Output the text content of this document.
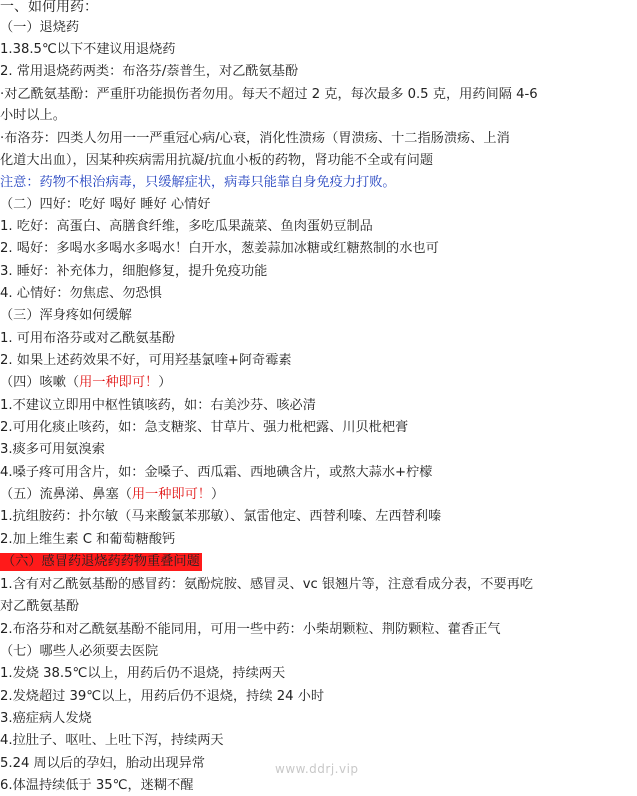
一、如何用药：
（一）退烧药
1.38.5℃以下不建议用退烧药
2. 常用退烧药两类：布洛芬/萘普生，对乙酰氨基酚
·对乙酰氨基酚：严重肝功能损伤者勿用。每天不超过 2 克，每次最多 0.5 克，用药间隔 4-6
小时以上。
·布洛芬：四类人勿用一一严重冠心病/心衰，消化性溃疡（胃溃疡、十二指肠溃疡、上消
化道大出血），因某种疾病需用抗凝/抗血小板的药物，肾功能不全或有问题
注意：药物不根治病毒，只缓解症状，病毒只能靠自身免疫力打败。
（二）四好：吃好 喝好 睡好 心情好
1. 吃好：高蛋白、高膳食纤维，多吃瓜果蔬菜、鱼肉蛋奶豆制品
2. 喝好：多喝水多喝水多喝水！白开水，葱姜蒜加冰糖或红糖熬制的水也可
3. 睡好：补充体力，细胞修复，提升免疫功能
4. 心情好：勿焦虑、勿恐惧
（三）浑身疼如何缓解
1. 可用布洛芬或对乙酰氨基酚
2. 如果上述药效果不好，可用羟基氯喹+阿奇霉素
（四）咳嗽（用一种即可！）
1.不建议立即用中枢性镇咳药，如：右美沙芬、咳必清
2.可用化痰止咳药，如：急支糖浆、甘草片、强力枇杷露、川贝枇杷膏
3.痰多可用氨溴索
4.嗓子疼可用含片，如：金嗓子、西瓜霜、西地碘含片，或熬大蒜水+柠檬
（五）流鼻涕、鼻塞（用一种即可！）
1.抗组胺药：扑尔敏（马来酸氯苯那敏）、氯雷他定、西替利嗪、左西替利嗪
2.加上维生素 C 和葡萄糖酸钙
（六）感冒药退烧药药物重叠问题
1.含有对乙酰氨基酚的感冒药：氨酚烷胺、感冒灵、vc 银翘片等，注意看成分表，不要再吃
对乙酰氨基酚
2.布洛芬和对乙酰氨基酚不能同用，可用一些中药：小柴胡颗粒、荆防颗粒、藿香正气
（七）哪些人必须要去医院
1.发烧 38.5℃以上，用药后仍不退烧，持续两天
2.发烧超过 39℃以上，用药后仍不退烧，持续 24 小时
3.癌症病人发烧
4.拉肚子、呕吐、上吐下泻，持续两天
5.24 周以后的孕妇，胎动出现异常
6.体温持续低于 35℃，迷糊不醒
www.ddrj.vip
